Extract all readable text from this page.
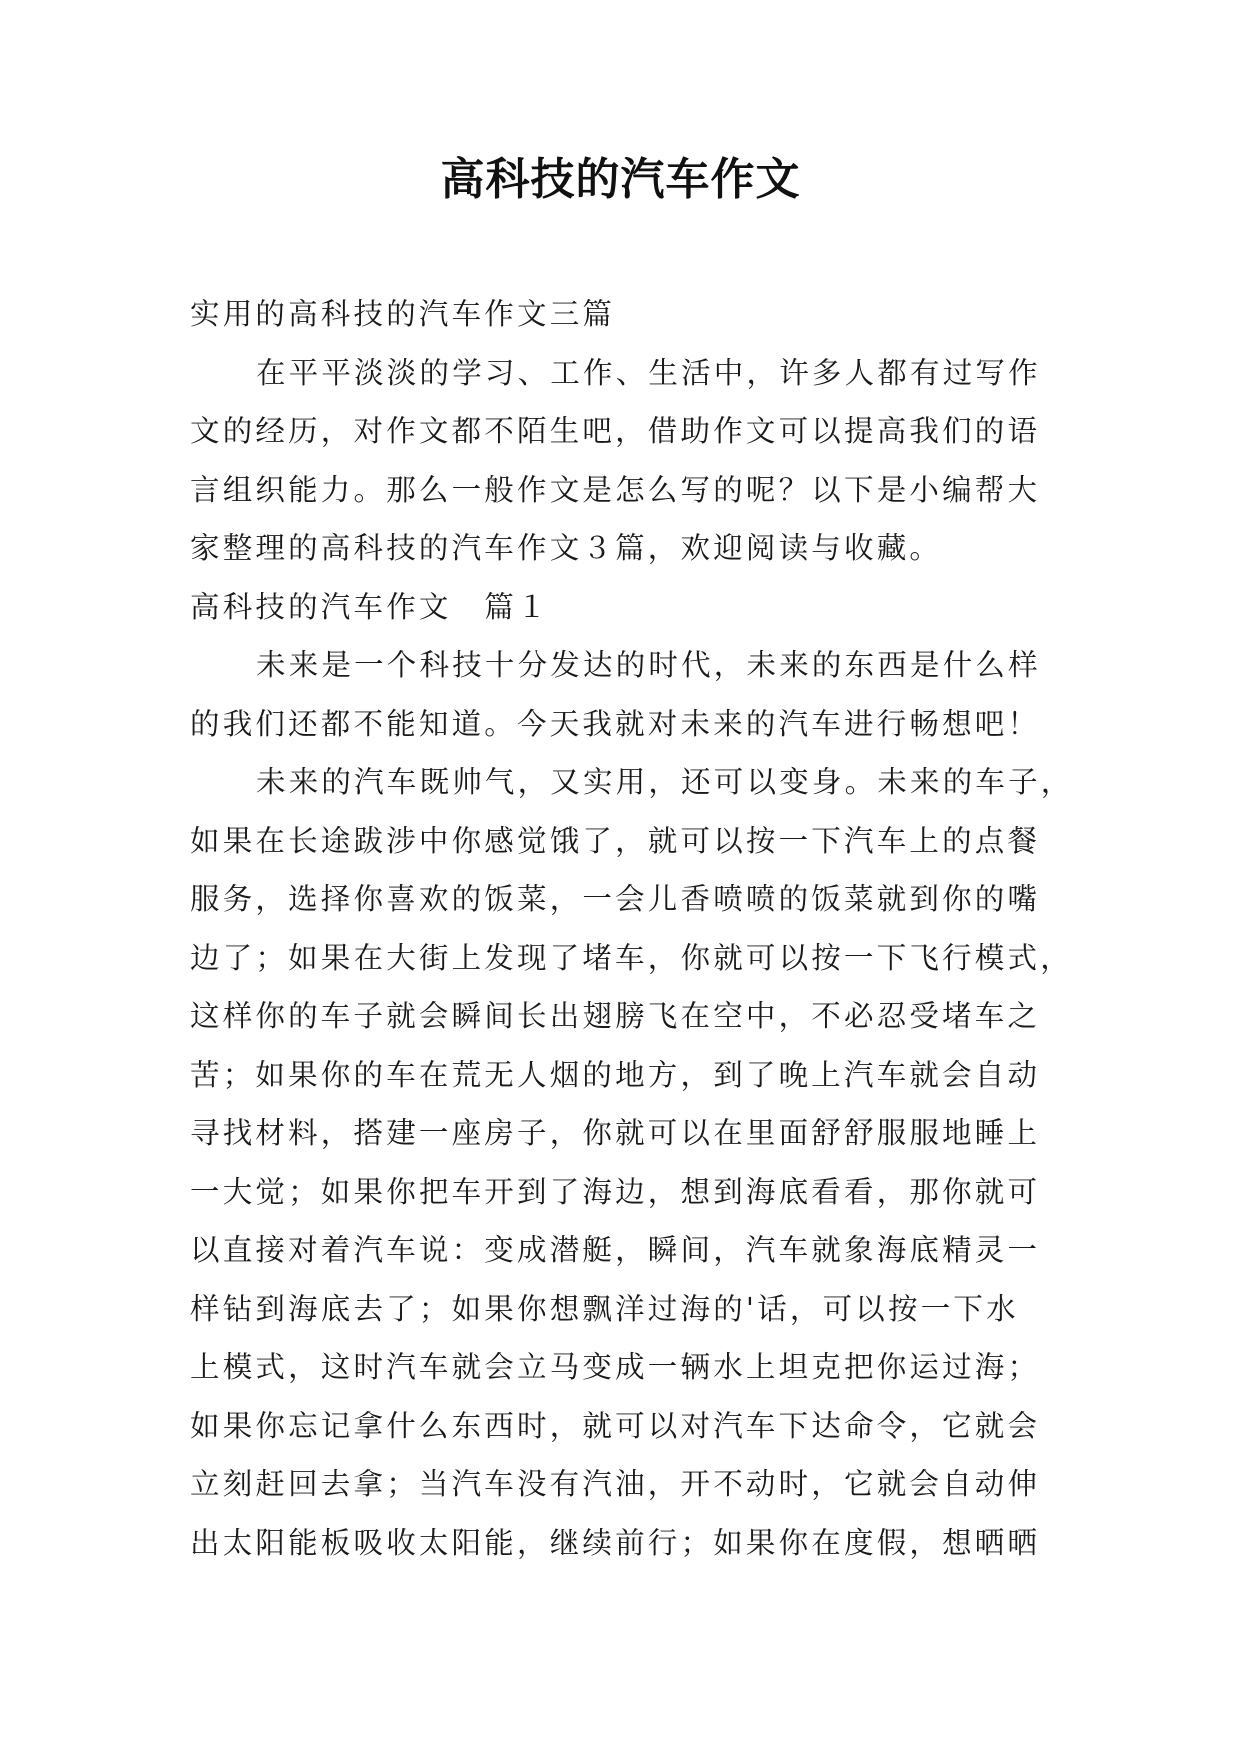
高科技的汽车作文
实用的高科技的汽车作文三篇
在平平淡淡的学习、工作、生活中，许多人都有过写作
文的经历，对作文都不陌生吧，借助作文可以提高我们的语
言组织能力。那么一般作文是怎么写的呢？以下是小编帮大
家整理的高科技的汽车作文３篇，欢迎阅读与收藏。
高科技的汽车作文　篇１
未来是一个科技十分发达的时代，未来的东西是什么样
的我们还都不能知道。今天我就对未来的汽车进行畅想吧！
未来的汽车既帅气，又实用，还可以变身。未来的车子，
如果在长途跋涉中你感觉饿了，就可以按一下汽车上的点餐
服务，选择你喜欢的饭菜，一会儿香喷喷的饭菜就到你的嘴
边了；如果在大街上发现了堵车，你就可以按一下飞行模式，
这样你的车子就会瞬间长出翅膀飞在空中，不必忍受堵车之
苦；如果你的车在荒无人烟的地方，到了晚上汽车就会自动
寻找材料，搭建一座房子，你就可以在里面舒舒服服地睡上
一大觉；如果你把车开到了海边，想到海底看看，那你就可
以直接对着汽车说：变成潜艇，瞬间，汽车就象海底精灵一
样钻到海底去了；如果你想飘洋过海的'话，可以按一下水
上模式，这时汽车就会立马变成一辆水上坦克把你运过海；
如果你忘记拿什么东西时，就可以对汽车下达命令，它就会
立刻赶回去拿；当汽车没有汽油，开不动时，它就会自动伸
出太阳能板吸收太阳能，继续前行；如果你在度假，想晒晒
